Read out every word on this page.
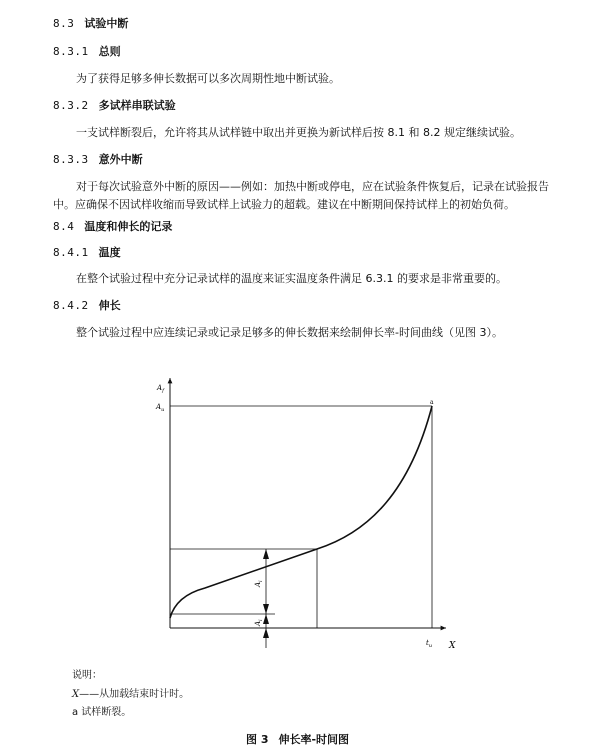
8.3 试验中断
8.3.1 总则
为了获得足够多伸长数据可以多次周期性地中断试验。
8.3.2 多试样串联试验
一支试样断裂后，允许将其从试样链中取出并更换为新试样后按 8.1 和 8.2 规定继续试验。
8.3.3 意外中断
对于每次试验意外中断的原因——例如：加热中断或停电，应在试验条件恢复后，记录在试验报告
中。应确保不因试样收缩而导致试样上试验力的超载。建议在中断期间保持试样上的初始负荷。
8.4 温度和伸长的记录
8.4.1 温度
在整个试验过程中充分记录试样的温度来证实温度条件满足 6.3.1 的要求是非常重要的。
8.4.2 伸长
整个试验过程中应连续记录或记录足够多的伸长数据来绘制伸长率-时间曲线（见图 3）。
$A_f$
$A_u$
X
$t_u$
a
$A_i$
$A_i$
说明：
X——从加载结束时计时。
a 试样断裂。
图 3 伸长率-时间图
